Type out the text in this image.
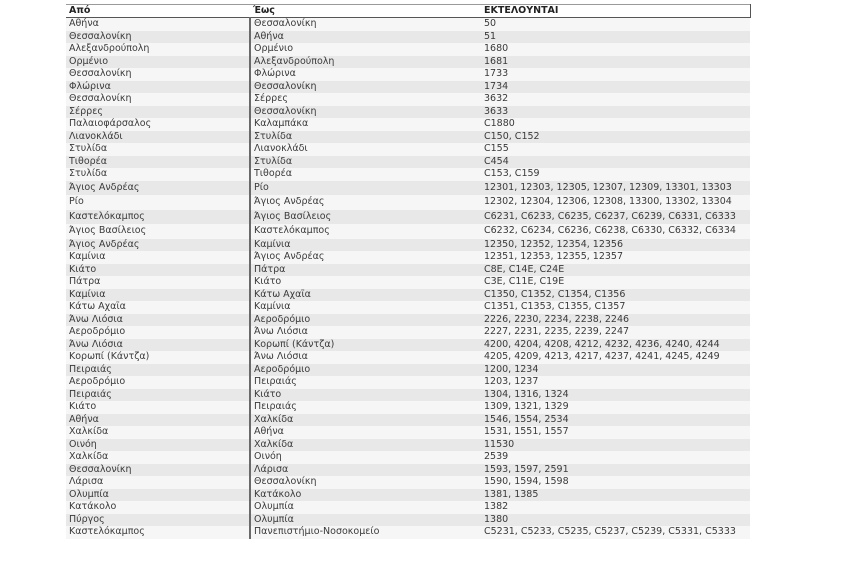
Από	Έως	ΕΚΤΕΛΟΥΝΤΑΙ
Αθήνα	Θεσσαλονίκη	50
Θεσσαλονίκη	Αθήνα	51
Αλεξανδρούπολη	Ορμένιο	1680
Ορμένιο	Αλεξανδρούπολη	1681
Θεσσαλονίκη	Φλώρινα	1733
Φλώρινα	Θεσσαλονίκη	1734
Θεσσαλονίκη	Σέρρες	3632
Σέρρες	Θεσσαλονίκη	3633
Παλαιοφάρσαλος	Καλαμπάκα	C1880
Λιανοκλάδι	Στυλίδα	C150, C152
Στυλίδα	Λιανοκλάδι	C155
Τιθορέα	Στυλίδα	C454
Στυλίδα	Τιθορέα	C153, C159
Άγιος Ανδρέας	Ρίο	12301, 12303, 12305, 12307, 12309, 13301, 13303
Ρίο	Άγιος Ανδρέας	12302, 12304, 12306, 12308, 13300, 13302, 13304
Καστελόκαμπος	Άγιος Βασίλειος	C6231, C6233, C6235, C6237, C6239, C6331, C6333
Άγιος Βασίλειος	Καστελόκαμπος	C6232, C6234, C6236, C6238, C6330, C6332, C6334
Άγιος Ανδρέας	Καμίνια	12350, 12352, 12354, 12356
Καμίνια	Άγιος Ανδρέας	12351, 12353, 12355, 12357
Κιάτο	Πάτρα	C8E, C14E, C24E
Πάτρα	Κιάτο	C3E, C11E, C19E
Καμίνια	Κάτω Αχαΐα	C1350, C1352, C1354, C1356
Κάτω Αχαΐα	Καμίνια	C1351, C1353, C1355, C1357
Άνω Λιόσια	Αεροδρόμιο	2226, 2230, 2234, 2238, 2246
Αεροδρόμιο	Άνω Λιόσια	2227, 2231, 2235, 2239, 2247
Άνω Λιόσια	Κορωπί (Κάντζα)	4200, 4204, 4208, 4212, 4232, 4236, 4240, 4244
Κορωπί (Κάντζα)	Άνω Λιόσια	4205, 4209, 4213, 4217, 4237, 4241, 4245, 4249
Πειραιάς	Αεροδρόμιο	1200, 1234
Αεροδρόμιο	Πειραιάς	1203, 1237
Πειραιάς	Κιάτο	1304, 1316, 1324
Κιάτο	Πειραιάς	1309, 1321, 1329
Αθήνα	Χαλκίδα	1546, 1554, 2534
Χαλκίδα	Αθήνα	1531, 1551, 1557
Οινόη	Χαλκίδα	11530
Χαλκίδα	Οινόη	2539
Θεσσαλονίκη	Λάρισα	1593, 1597, 2591
Λάρισα	Θεσσαλονίκη	1590, 1594, 1598
Ολυμπία	Κατάκολο	1381, 1385
Κατάκολο	Ολυμπία	1382
Πύργος	Ολυμπία	1380
Καστελόκαμπος	Πανεπιστήμιο-Νοσοκομείο	C5231, C5233, C5235, C5237, C5239, C5331, C5333
